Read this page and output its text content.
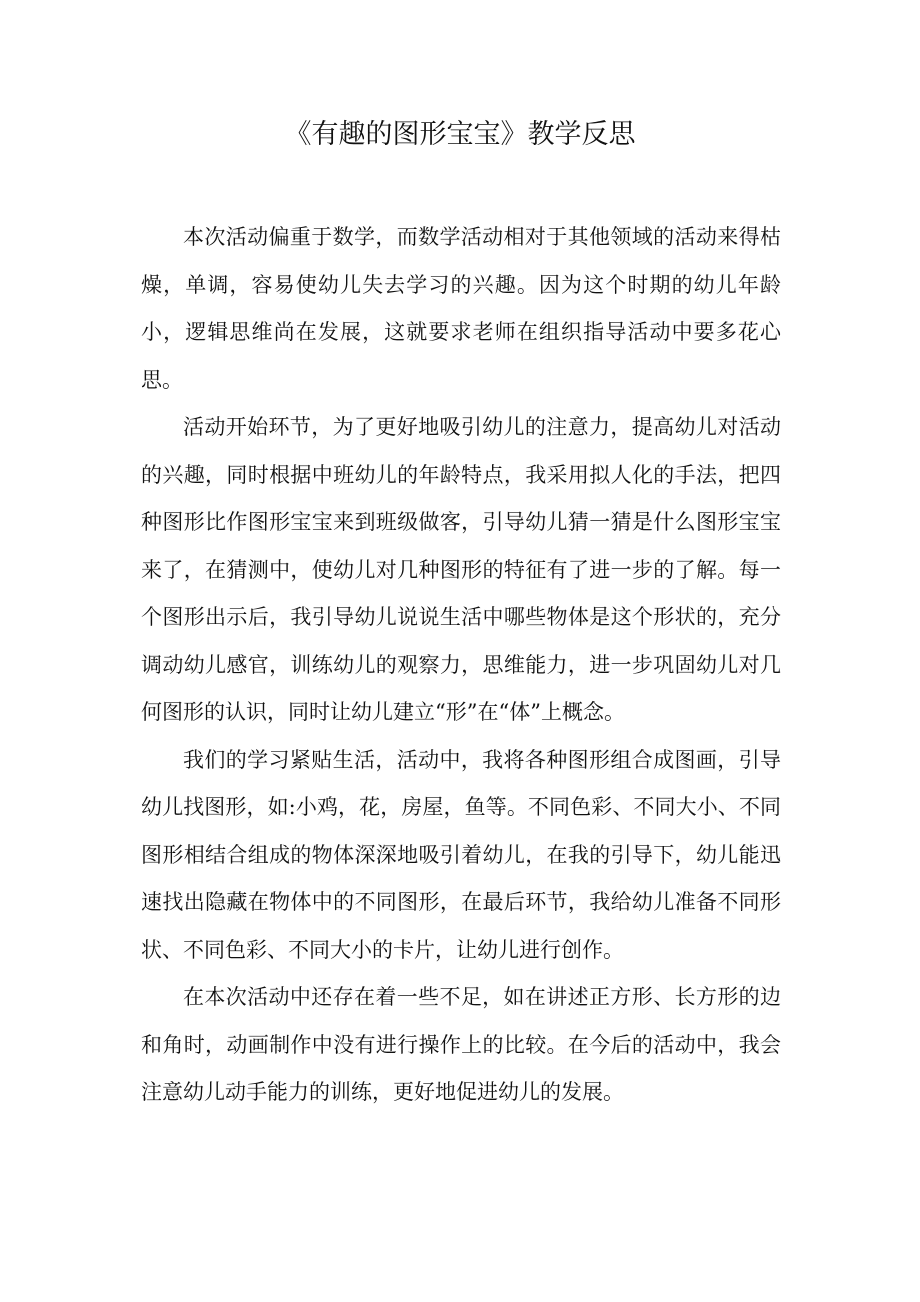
《有趣的图形宝宝》教学反思

本次活动偏重于数学，而数学活动相对于其他领域的活动来得枯燥，单调，容易使幼儿失去学习的兴趣。因为这个时期的幼儿年龄小，逻辑思维尚在发展，这就要求老师在组织指导活动中要多花心思。

活动开始环节，为了更好地吸引幼儿的注意力，提高幼儿对活动的兴趣，同时根据中班幼儿的年龄特点，我采用拟人化的手法，把四种图形比作图形宝宝来到班级做客，引导幼儿猜一猜是什么图形宝宝来了，在猜测中，使幼儿对几种图形的特征有了进一步的了解。每一个图形出示后，我引导幼儿说说生活中哪些物体是这个形状的，充分调动幼儿感官，训练幼儿的观察力，思维能力，进一步巩固幼儿对几何图形的认识，同时让幼儿建立“形”在“体”上概念。

我们的学习紧贴生活，活动中，我将各种图形组合成图画，引导幼儿找图形，如:小鸡，花，房屋，鱼等。不同色彩、不同大小、不同图形相结合组成的物体深深地吸引着幼儿，在我的引导下，幼儿能迅速找出隐藏在物体中的不同图形，在最后环节，我给幼儿准备不同形状、不同色彩、不同大小的卡片，让幼儿进行创作。

在本次活动中还存在着一些不足，如在讲述正方形、长方形的边和角时，动画制作中没有进行操作上的比较。在今后的活动中，我会注意幼儿动手能力的训练，更好地促进幼儿的发展。
